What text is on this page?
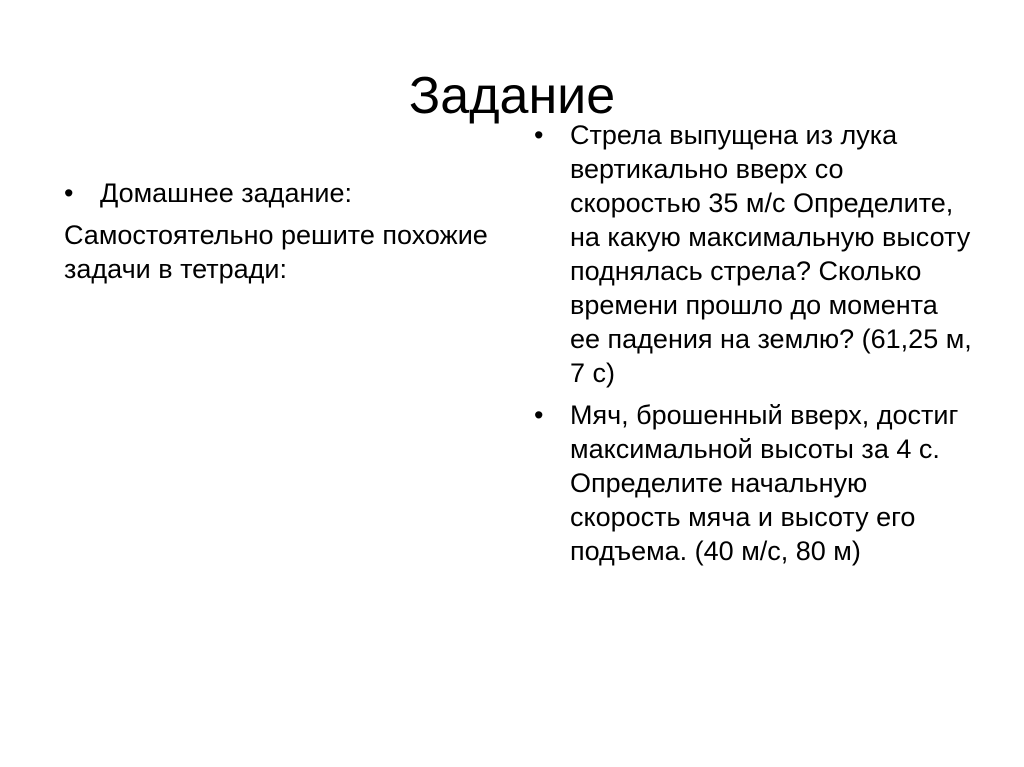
Задание
• Домашнее задание:
Самостоятельно решите похожие задачи в тетради:
• Стрела выпущена из лука вертикально вверх со скоростью 35 м/с Определите, на какую максимальную высоту поднялась стрела? Сколько времени прошло до момента ее падения на землю? (61,25 м, 7 с)
• Мяч, брошенный вверх, достиг максимальной высоты за 4 с. Определите начальную скорость мяча и высоту его подъема. (40 м/с, 80 м)
